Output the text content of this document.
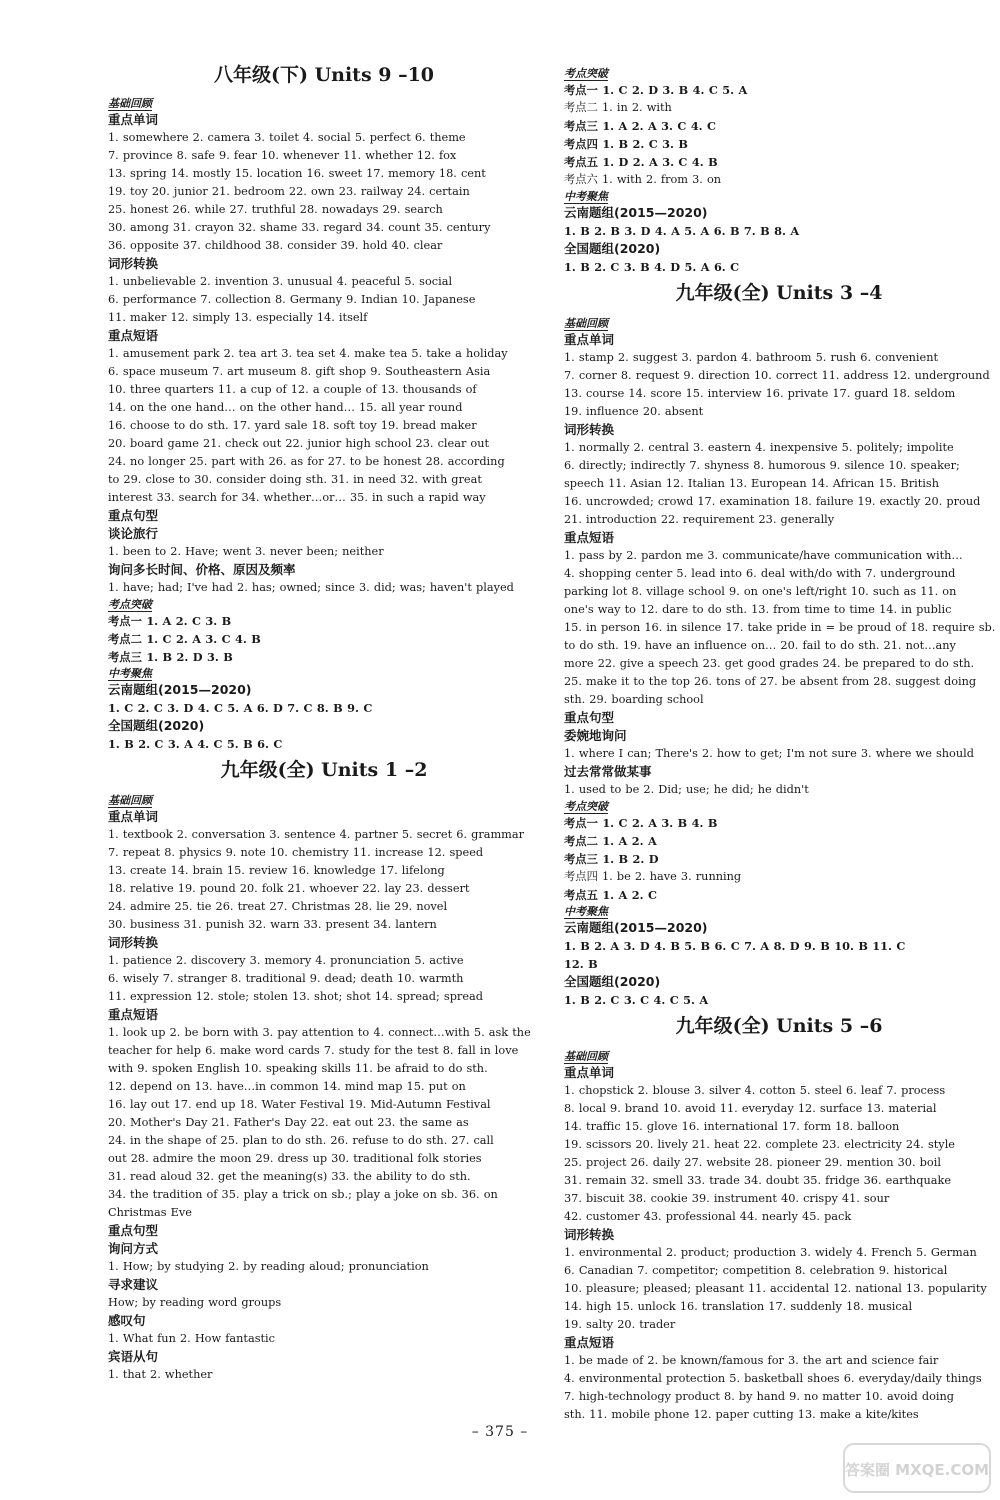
八年级(下) Units 9 –10
基础回顾
重点单词
1. somewhere 2. camera 3. toilet 4. social 5. perfect 6. theme
7. province 8. safe 9. fear 10. whenever 11. whether 12. fox
13. spring 14. mostly 15. location 16. sweet 17. memory 18. cent
19. toy 20. junior 21. bedroom 22. own 23. railway 24. certain
25. honest 26. while 27. truthful 28. nowadays 29. search
30. among 31. crayon 32. shame 33. regard 34. count 35. century
36. opposite 37. childhood 38. consider 39. hold 40. clear
词形转换
1. unbelievable 2. invention 3. unusual 4. peaceful 5. social
6. performance 7. collection 8. Germany 9. Indian 10. Japanese
11. maker 12. simply 13. especially 14. itself
重点短语
1. amusement park 2. tea art 3. tea set 4. make tea 5. take a holiday
6. space museum 7. art museum 8. gift shop 9. Southeastern Asia
10. three quarters 11. a cup of 12. a couple of 13. thousands of
14. on the one hand… on the other hand… 15. all year round
16. choose to do sth. 17. yard sale 18. soft toy 19. bread maker
20. board game 21. check out 22. junior high school 23. clear out
24. no longer 25. part with 26. as for 27. to be honest 28. according
to 29. close to 30. consider doing sth. 31. in need 32. with great
interest 33. search for 34. whether…or… 35. in such a rapid way
重点句型
谈论旅行
1. been to 2. Have; went 3. never been; neither
询问多长时间、价格、原因及频率
1. have; had; I've had 2. has; owned; since 3. did; was; haven't played
考点突破
考点一 1. A 2. C 3. B
考点二 1. C 2. A 3. C 4. B
考点三 1. B 2. D 3. B
中考聚焦
云南题组(2015—2020)
1. C 2. C 3. D 4. C 5. A 6. D 7. C 8. B 9. C
全国题组(2020)
1. B 2. C 3. A 4. C 5. B 6. C
九年级(全) Units 1 –2
基础回顾
重点单词
1. textbook 2. conversation 3. sentence 4. partner 5. secret 6. grammar
7. repeat 8. physics 9. note 10. chemistry 11. increase 12. speed
13. create 14. brain 15. review 16. knowledge 17. lifelong
18. relative 19. pound 20. folk 21. whoever 22. lay 23. dessert
24. admire 25. tie 26. treat 27. Christmas 28. lie 29. novel
30. business 31. punish 32. warn 33. present 34. lantern
词形转换
1. patience 2. discovery 3. memory 4. pronunciation 5. active
6. wisely 7. stranger 8. traditional 9. dead; death 10. warmth
11. expression 12. stole; stolen 13. shot; shot 14. spread; spread
重点短语
1. look up 2. be born with 3. pay attention to 4. connect…with 5. ask the
teacher for help 6. make word cards 7. study for the test 8. fall in love
with 9. spoken English 10. speaking skills 11. be afraid to do sth.
12. depend on 13. have…in common 14. mind map 15. put on
16. lay out 17. end up 18. Water Festival 19. Mid-Autumn Festival
20. Mother's Day 21. Father's Day 22. eat out 23. the same as
24. in the shape of 25. plan to do sth. 26. refuse to do sth. 27. call
out 28. admire the moon 29. dress up 30. traditional folk stories
31. read aloud 32. get the meaning(s) 33. the ability to do sth.
34. the tradition of 35. play a trick on sb.; play a joke on sb. 36. on
Christmas Eve
重点句型
询问方式
1. How; by studying 2. by reading aloud; pronunciation
寻求建议
How; by reading word groups
感叹句
1. What fun 2. How fantastic
宾语从句
1. that 2. whether
考点突破
考点一 1. C 2. D 3. B 4. C 5. A
考点二 1. in 2. with
考点三 1. A 2. A 3. C 4. C
考点四 1. B 2. C 3. B
考点五 1. D 2. A 3. C 4. B
考点六 1. with 2. from 3. on
中考聚焦
云南题组(2015—2020)
1. B 2. B 3. D 4. A 5. A 6. B 7. B 8. A
全国题组(2020)
1. B 2. C 3. B 4. D 5. A 6. C
九年级(全) Units 3 –4
基础回顾
重点单词
1. stamp 2. suggest 3. pardon 4. bathroom 5. rush 6. convenient
7. corner 8. request 9. direction 10. correct 11. address 12. underground
13. course 14. score 15. interview 16. private 17. guard 18. seldom
19. influence 20. absent
词形转换
1. normally 2. central 3. eastern 4. inexpensive 5. politely; impolite
6. directly; indirectly 7. shyness 8. humorous 9. silence 10. speaker;
speech 11. Asian 12. Italian 13. European 14. African 15. British
16. uncrowded; crowd 17. examination 18. failure 19. exactly 20. proud
21. introduction 22. requirement 23. generally
重点短语
1. pass by 2. pardon me 3. communicate/have communication with…
4. shopping center 5. lead into 6. deal with/do with 7. underground
parking lot 8. village school 9. on one's left/right 10. such as 11. on
one's way to 12. dare to do sth. 13. from time to time 14. in public
15. in person 16. in silence 17. take pride in = be proud of 18. require sb.
to do sth. 19. have an influence on… 20. fail to do sth. 21. not…any
more 22. give a speech 23. get good grades 24. be prepared to do sth.
25. make it to the top 26. tons of 27. be absent from 28. suggest doing
sth. 29. boarding school
重点句型
委婉地询问
1. where I can; There's 2. how to get; I'm not sure 3. where we should
过去常常做某事
1. used to be 2. Did; use; he did; he didn't
考点突破
考点一 1. C 2. A 3. B 4. B
考点二 1. A 2. A
考点三 1. B 2. D
考点四 1. be 2. have 3. running
考点五 1. A 2. C
中考聚焦
云南题组(2015—2020)
1. B 2. A 3. D 4. B 5. B 6. C 7. A 8. D 9. B 10. B 11. C
12. B
全国题组(2020)
1. B 2. C 3. C 4. C 5. A
九年级(全) Units 5 –6
基础回顾
重点单词
1. chopstick 2. blouse 3. silver 4. cotton 5. steel 6. leaf 7. process
8. local 9. brand 10. avoid 11. everyday 12. surface 13. material
14. traffic 15. glove 16. international 17. form 18. balloon
19. scissors 20. lively 21. heat 22. complete 23. electricity 24. style
25. project 26. daily 27. website 28. pioneer 29. mention 30. boil
31. remain 32. smell 33. trade 34. doubt 35. fridge 36. earthquake
37. biscuit 38. cookie 39. instrument 40. crispy 41. sour
42. customer 43. professional 44. nearly 45. pack
词形转换
1. environmental 2. product; production 3. widely 4. French 5. German
6. Canadian 7. competitor; competition 8. celebration 9. historical
10. pleasure; pleased; pleasant 11. accidental 12. national 13. popularity
14. high 15. unlock 16. translation 17. suddenly 18. musical
19. salty 20. trader
重点短语
1. be made of 2. be known/famous for 3. the art and science fair
4. environmental protection 5. basketball shoes 6. everyday/daily things
7. high-technology product 8. by hand 9. no matter 10. avoid doing
sth. 11. mobile phone 12. paper cutting 13. make a kite/kites
– 375 –
答案圈 MXQE.COM
